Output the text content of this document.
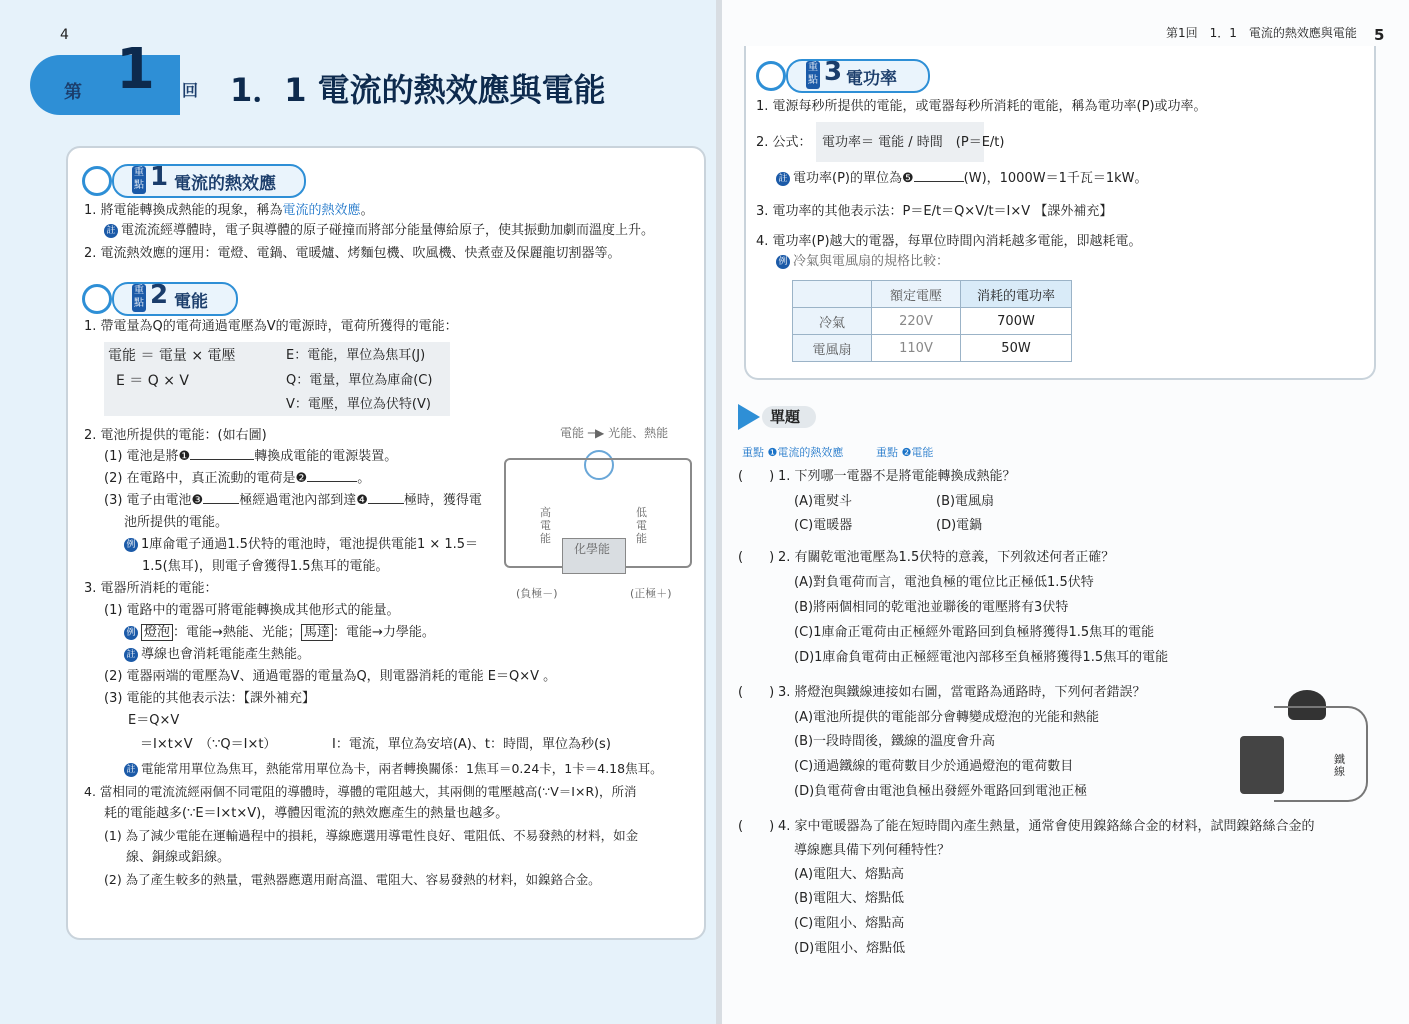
4
第 1 回 1．1 電流的熱效應與電能
重點 1 電流的熱效應
1. 將電能轉換成熱能的現象，稱為電流的熱效應。
註 電流流經導體時，電子與導體的原子碰撞而將部分能量傳給原子，使其振動加劇而溫度上升。
2. 電流熱效應的運用：電燈、電鍋、電暖爐、烤麵包機、吹風機、快煮壺及保麗龍切割器等。
重點 2 電能
1. 帶電量為Q的電荷通過電壓為V的電源時，電荷所獲得的電能：
電能 ＝ 電量 × 電壓
E ＝ Q × V
E：電能，單位為焦耳(J)
Q：電量，單位為庫侖(C)
V：電壓，單位為伏特(V)
2. 電池所提供的電能：(如右圖)
(1) 電池是將❶	轉換成電能的電源裝置。
(2) 在電路中，真正流動的電荷是❷	。
(3) 電子由電池❸	極經過電池內部到達❹	極時，獲得電
池所提供的電能。
例 1庫侖電子通過1.5伏特的電池時，電池提供電能1 × 1.5＝
1.5(焦耳)，則電子會獲得1.5焦耳的電能。
電能 ─▶ 光能、熱能
高電能
低電能
化學能
(負極－)	(正極＋)
3. 電器所消耗的電能：
(1) 電路中的電器可將電能轉換成其他形式的能量。
例 燈泡 ：電能→熱能、光能； 馬達 ：電能→力學能。
註 導線也會消耗電能產生熱能。
(2) 電器兩端的電壓為V、通過電器的電量為Q，則電器消耗的電能 E＝Q×V 。
(3) 電能的其他表示法：【課外補充】
E＝Q×V
＝I×t×V　（∵Q＝I×t）	I：電流，單位為安培(A)、t：時間，單位為秒(s)
註 電能常用單位為焦耳，熱能常用單位為卡，兩者轉換關係：1焦耳＝0.24卡，1卡＝4.18焦耳。
4. 當相同的電流流經兩個不同電阻的導體時，導體的電阻越大，其兩側的電壓越高(∵V＝I×R)，所消
耗的電能越多(∵E＝I×t×V)，導體因電流的熱效應產生的熱量也越多。
(1) 為了減少電能在運輸過程中的損耗，導線應選用導電性良好、電阻低、不易發熱的材料，如金
線、銅線或鋁線。
(2) 為了產生較多的熱量，電熱器應選用耐高溫、電阻大、容易發熱的材料，如鎳鉻合金。
第1回　1．1　電流的熱效應與電能 5
重點 3 電功率
1. 電源每秒所提供的電能，或電器每秒所消耗的電能，稱為電功率(P)或功率。
2. 公式： 電功率＝ 電能 / 時間　(P＝E/t)
註 電功率(P)的單位為❺	(W)，1000W＝1千瓦＝1kW。
3. 電功率的其他表示法：P＝E/t＝Q×V/t＝I×V 【課外補充】
4. 電功率(P)越大的電器，每單位時間內消耗越多電能，即越耗電。
例 冷氣與電風扇的規格比較：
	額定電壓	消耗的電功率
冷氣	220V	700W
電風扇	110V	50W
單題
重點 ❶電流的熱效應	重點 ❷電能
(　　) 1. 下列哪一電器不是將電能轉換成熱能？
(A)電熨斗	(B)電風扇
(C)電暖器	(D)電鍋
(　　) 2. 有關乾電池電壓為1.5伏特的意義，下列敘述何者正確？
(A)對負電荷而言，電池負極的電位比正極低1.5伏特
(B)將兩個相同的乾電池並聯後的電壓將有3伏特
(C)1庫侖正電荷由正極經外電路回到負極將獲得1.5焦耳的電能
(D)1庫侖負電荷由正極經電池內部移至負極將獲得1.5焦耳的電能
(　　) 3. 將燈泡與鐵線連接如右圖，當電路為通路時，下列何者錯誤？
(A)電池所提供的電能部分會轉變成燈泡的光能和熱能
(B)一段時間後，鐵線的溫度會升高
(C)通過鐵線的電荷數目少於通過燈泡的電荷數目
(D)負電荷會由電池負極出發經外電路回到電池正極
鐵線
(　　) 4. 家中電暖器為了能在短時間內產生熱量，通常會使用鎳鉻絲合金的材料，試問鎳鉻絲合金的
導線應具備下列何種特性？
(A)電阻大、熔點高
(B)電阻大、熔點低
(C)電阻小、熔點高
(D)電阻小、熔點低
